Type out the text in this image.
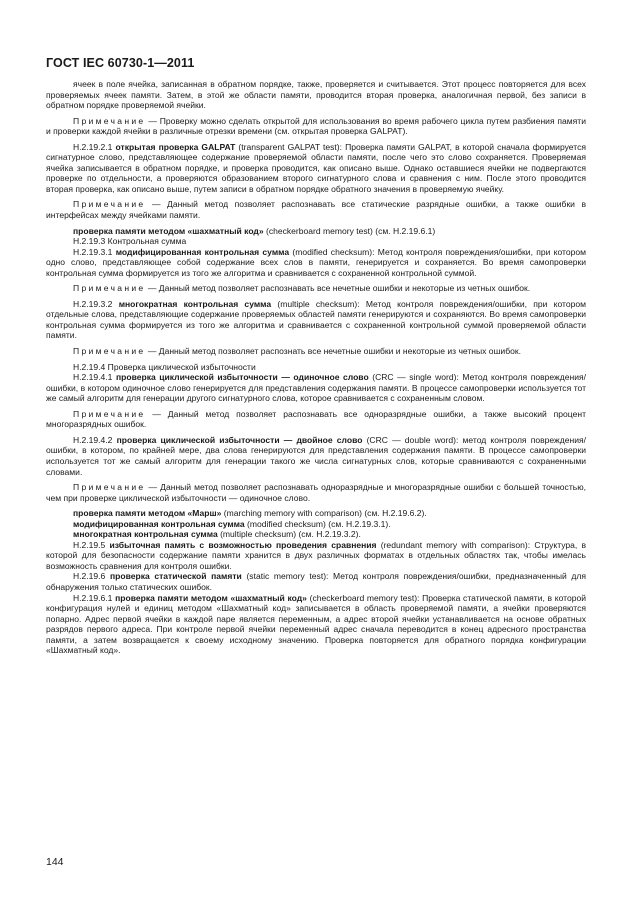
ГОСТ IEC 60730-1—2011

ячеек в поле ячейка, записанная в обратном порядке, также, проверяется и считывается. Этот процесс повторяется для всех проверяемых ячеек памяти. Затем, в этой же области памяти, проводится вторая проверка, аналогичная первой, без записи в обратном порядке проверяемой ячейки.

Примечание — Проверку можно сделать открытой для использования во время рабочего цикла путем разбиения памяти и проверки каждой ячейки в различные отрезки времени (см. открытая проверка GALPAT).

Н.2.19.2.1 открытая проверка GALPAT (transparent GALPAT test): Проверка памяти GALPAT, в которой сначала формируется сигнатурное слово, представляющее содержание проверяемой области памяти, после чего это слово сохраняется. Проверяемая ячейка записывается в обратном порядке, и проверка проводится, как описано выше. Однако оставшиеся ячейки не подвергаются проверке по отдельности, а проверяются образованием второго сигнатурного слова и сравнения с ним. После этого проводится вторая проверка, как описано выше, путем записи в обратном порядке обратного значения в проверяемую ячейку.

Примечание — Данный метод позволяет распознавать все статические разрядные ошибки, а также ошибки в интерфейсах между ячейками памяти.

проверка памяти методом «шахматный код» (checkerboard memory test) (см. Н.2.19.6.1)

Н.2.19.3 Контрольная сумма

Н.2.19.3.1 модифицированная контрольная сумма (modified checksum): Метод контроля повреждения/ошибки, при котором одно слово, представляющее собой содержание всех слов в памяти, генерируется и сохраняется. Во время самопроверки контрольная сумма формируется из того же алгоритма и сравнивается с сохраненной контрольной суммой.

Примечание — Данный метод позволяет распознавать все нечетные ошибки и некоторые из четных ошибок.

Н.2.19.3.2 многократная контрольная сумма (multiple checksum): Метод контроля повреждения/ошибки, при котором отдельные слова, представляющие содержание проверяемых областей памяти генерируются и сохраняются. Во время самопроверки контрольная сумма формируется из того же алгоритма и сравнивается с сохраненной контрольной суммой проверяемой области памяти.

Примечание — Данный метод позволяет распознать все нечетные ошибки и некоторые из четных ошибок.

Н.2.19.4 Проверка циклической избыточности

Н.2.19.4.1 проверка циклической избыточности — одиночное слово (CRC — single word): Метод контроля повреждения/ошибки, в котором одиночное слово генерируется для представления содержания памяти. В процессе самопроверки используется тот же самый алгоритм для генерации другого сигнатурного слова, которое сравнивается с сохраненным словом.

Примечание — Данный метод позволяет распознавать все одноразрядные ошибки, а также высокий процент многоразрядных ошибок.

Н.2.19.4.2 проверка циклической избыточности — двойное слово (CRC — double word): метод контроля повреждения/ошибки, в котором, по крайней мере, два слова генерируются для представления содержания памяти. В процессе самопроверки используется тот же самый алгоритм для генерации такого же числа сигнатурных слов, которые сравниваются с сохраненными словами.

Примечание — Данный метод позволяет распознавать одноразрядные и многоразрядные ошибки с большей точностью, чем при проверке циклической избыточности — одиночное слово.

проверка памяти методом «Марш» (marching memory with comparison) (см. Н.2.19.6.2).

модифицированная контрольная сумма (modified checksum) (см. Н.2.19.3.1).

многократная контрольная сумма (multiple checksum) (см. Н.2.19.3.2).

Н.2.19.5 избыточная память с возможностью проведения сравнения (redundant memory with comparison): Структура, в которой для безопасности содержание памяти хранится в двух различных форматах в отдельных областях так, чтобы имелась возможность сравнения для контроля ошибки.

Н.2.19.6 проверка статической памяти (static memory test): Метод контроля повреждения/ошибки, предназначенный для обнаружения только статических ошибок.

Н.2.19.6.1 проверка памяти методом «шахматный код» (checkerboard memory test): Проверка статической памяти, в которой конфигурация нулей и единиц методом «Шахматный код» записывается в область проверяемой памяти, а ячейки проверяются попарно. Адрес первой ячейки в каждой паре является переменным, а адрес второй ячейки устанавливается на основе обратных разрядов первого адреса. При контроле первой ячейки переменный адрес сначала переводится в конец адресного пространства памяти, а затем возвращается к своему исходному значению. Проверка повторяется для обратного порядка конфигурации «Шахматный код».

144
